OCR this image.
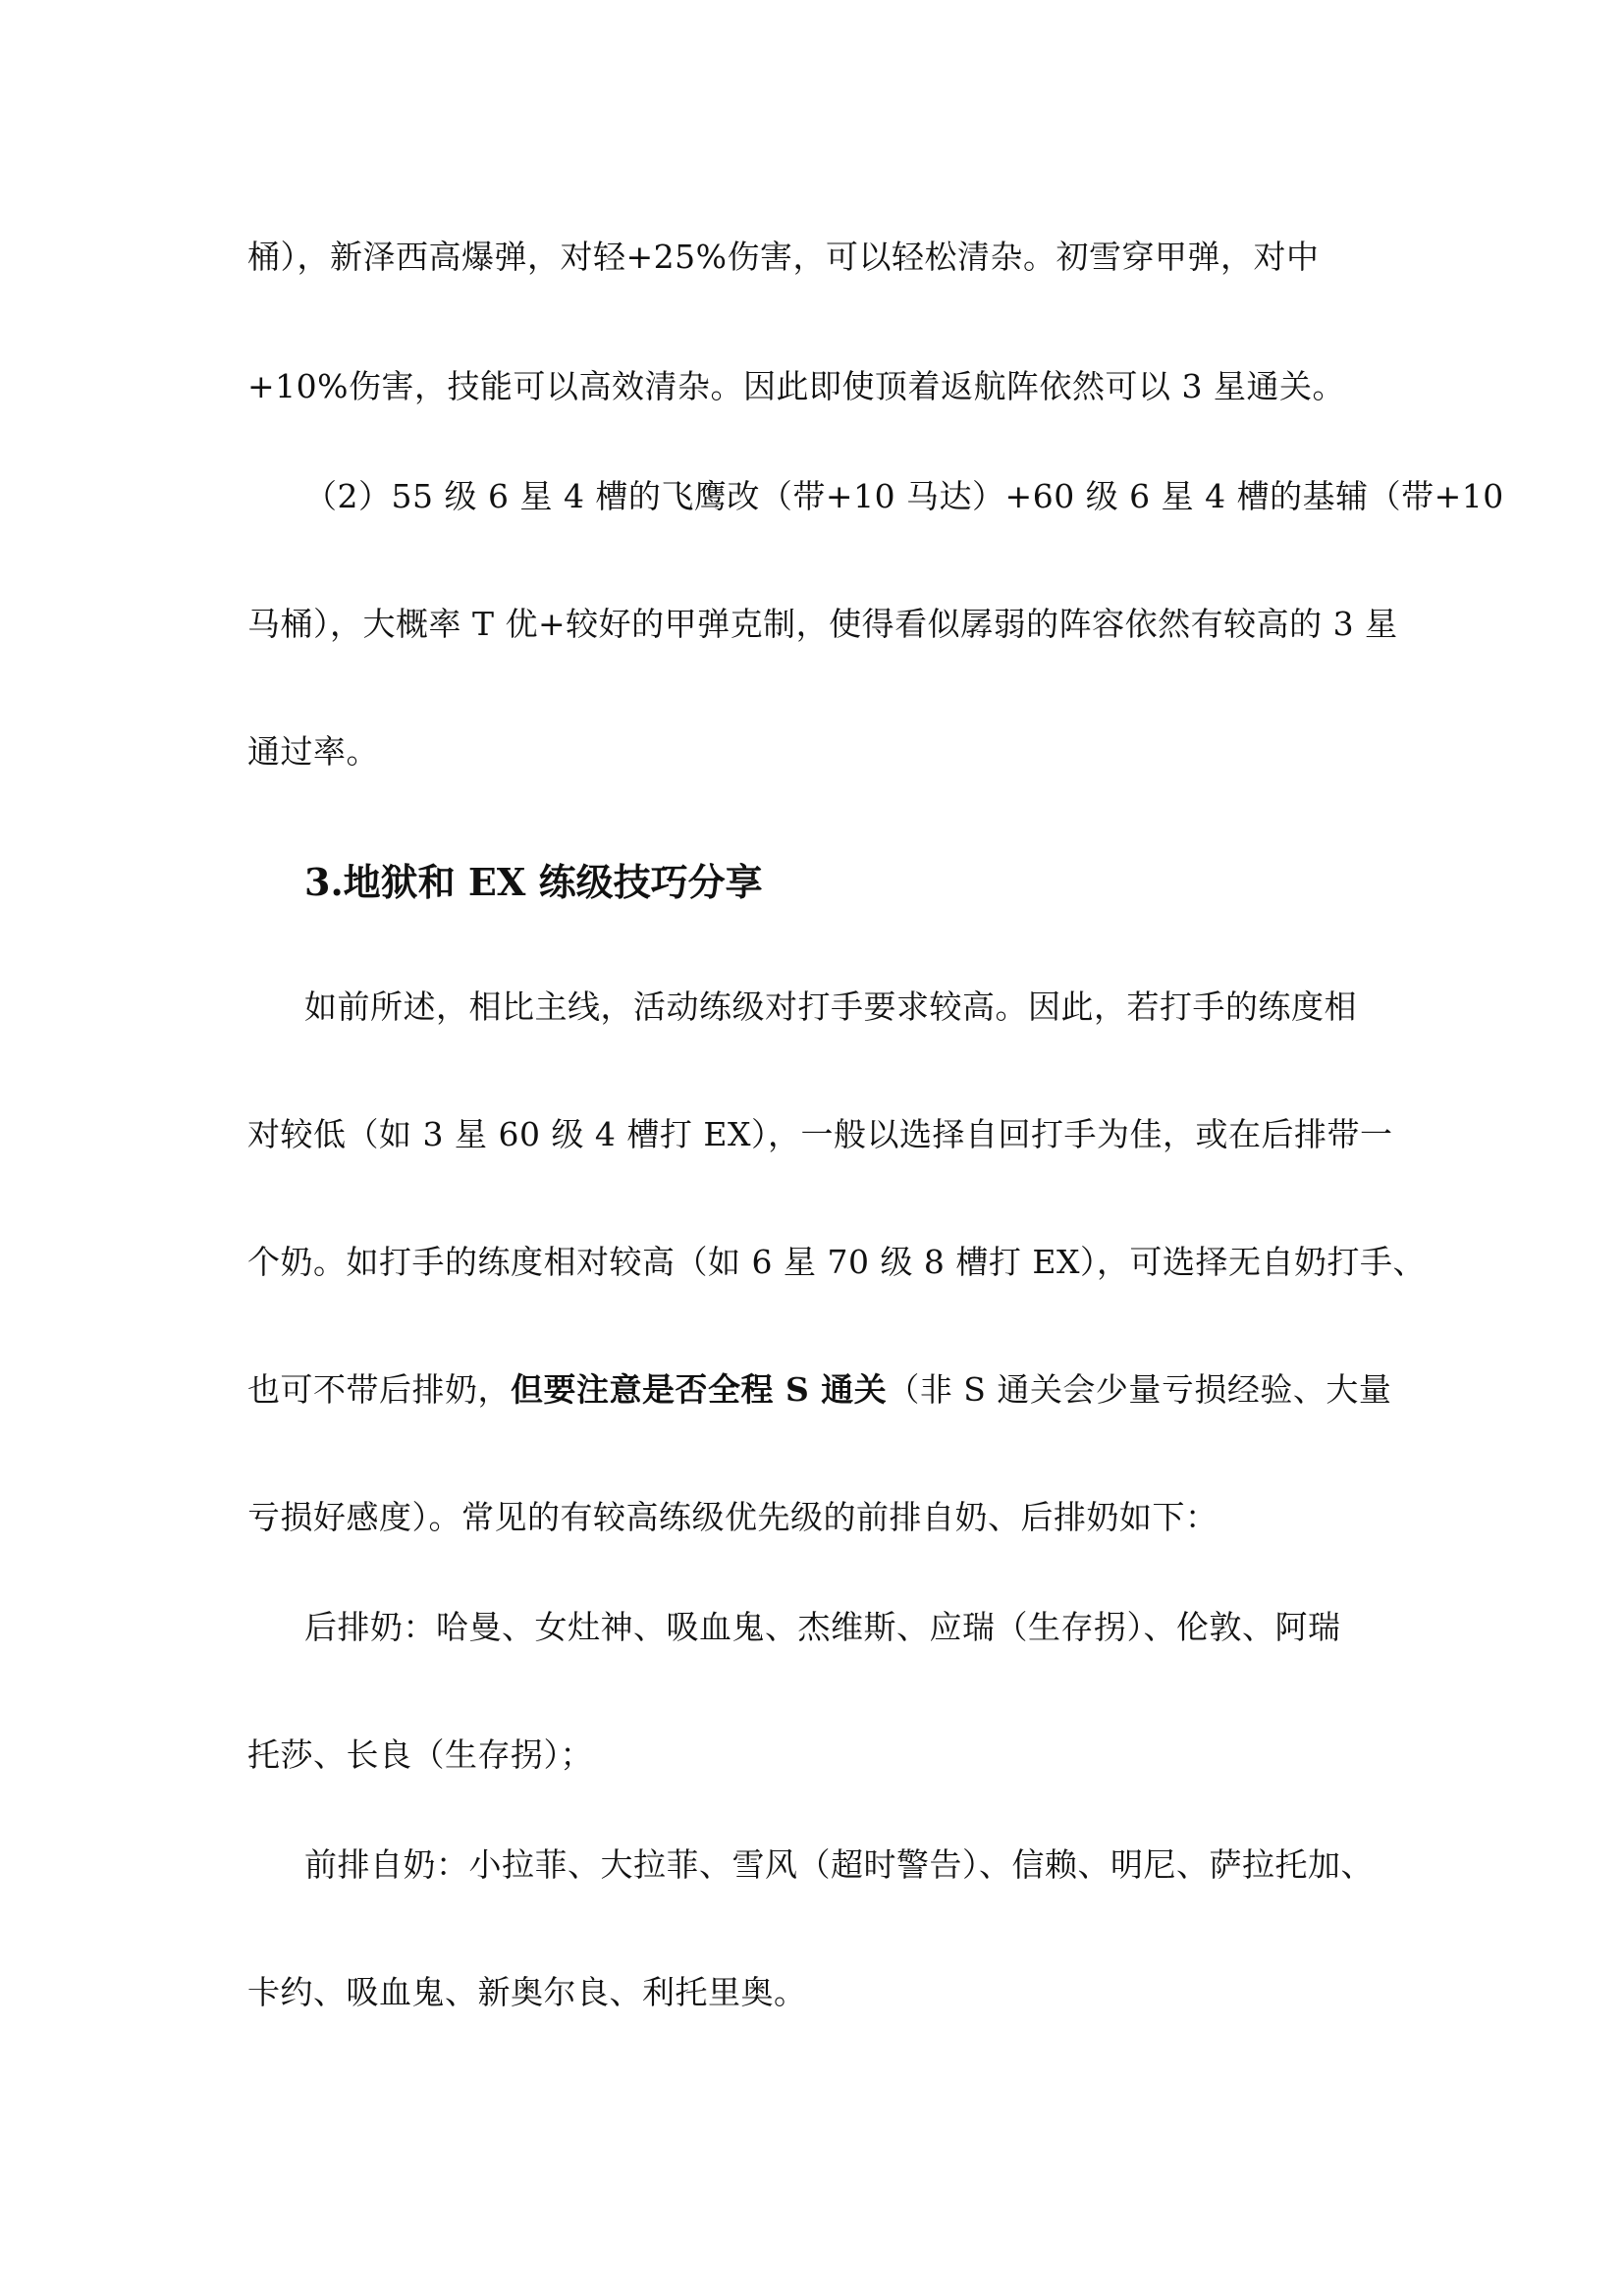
桶），新泽西高爆弹，对轻+25%伤害，可以轻松清杂。初雪穿甲弹，对中
+10%伤害，技能可以高效清杂。因此即使顶着返航阵依然可以 3 星通关。
（2）55 级 6 星 4 槽的飞鹰改（带+10 马达）+60 级 6 星 4 槽的基辅（带+10
马桶），大概率 T 优+较好的甲弹克制，使得看似孱弱的阵容依然有较高的 3 星
通过率。
3.地狱和 EX 练级技巧分享
如前所述，相比主线，活动练级对打手要求较高。因此，若打手的练度相
对较低（如 3 星 60 级 4 槽打 EX），一般以选择自回打手为佳，或在后排带一
个奶。如打手的练度相对较高（如 6 星 70 级 8 槽打 EX），可选择无自奶打手、
也可不带后排奶，但要注意是否全程 S 通关（非 S 通关会少量亏损经验、大量
亏损好感度）。常见的有较高练级优先级的前排自奶、后排奶如下：
后排奶：哈曼、女灶神、吸血鬼、杰维斯、应瑞（生存拐）、伦敦、阿瑞
托莎、长良（生存拐）；
前排自奶：小拉菲、大拉菲、雪风（超时警告）、信赖、明尼、萨拉托加、
卡约、吸血鬼、新奥尔良、利托里奥。
